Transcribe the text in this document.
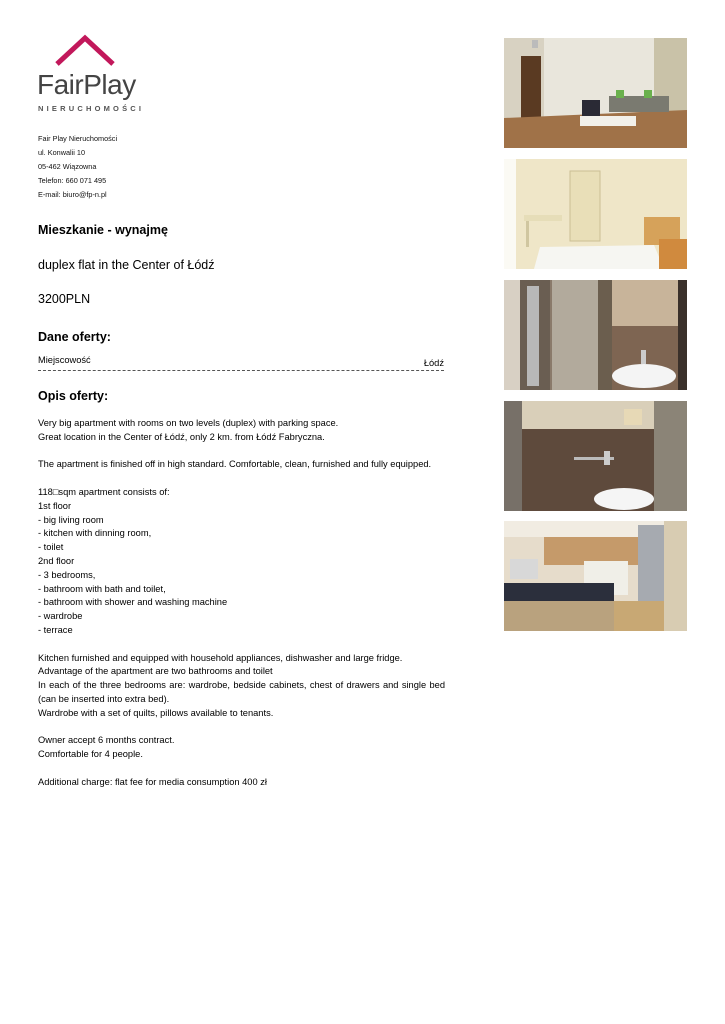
FairPlay
NIERUCHOMOŚCI
Fair Play Nieruchomości
ul. Konwalii 10
05-462 Wiązowna
Telefon: 660 071 495
E-mail: biuro@fp-n.pl
Mieszkanie - wynajmę
duplex flat in the Center of Łódź
3200PLN
Dane oferty:
Miejscowość	Łódź
Opis oferty:

Very big apartment with rooms on two levels (duplex) with parking space.

Great location in the Center of Łódź, only 2 km. from Łódź Fabryczna.

The apartment is finished off in high standard. Comfortable, clean, furnished and fully equipped.

118□sqm apartment consists of:

1st floor

- big living room

- kitchen with dinning room,

- toilet

2nd floor

- 3 bedrooms,

- bathroom with bath and toilet,

- bathroom with shower and washing machine

- wardrobe

- terrace

Kitchen furnished and equipped with household appliances, dishwasher and large fridge.

Advantage of the apartment are two bathrooms and toilet

In each of the three bedrooms are: wardrobe, bedside cabinets, chest of drawers and single bed (can be inserted into extra bed).

Wardrobe with a set of quilts, pillows available to tenants.

Owner accept 6 months contract.

Comfortable for 4 people.

Additional charge: flat fee for media consumption 400 zł
